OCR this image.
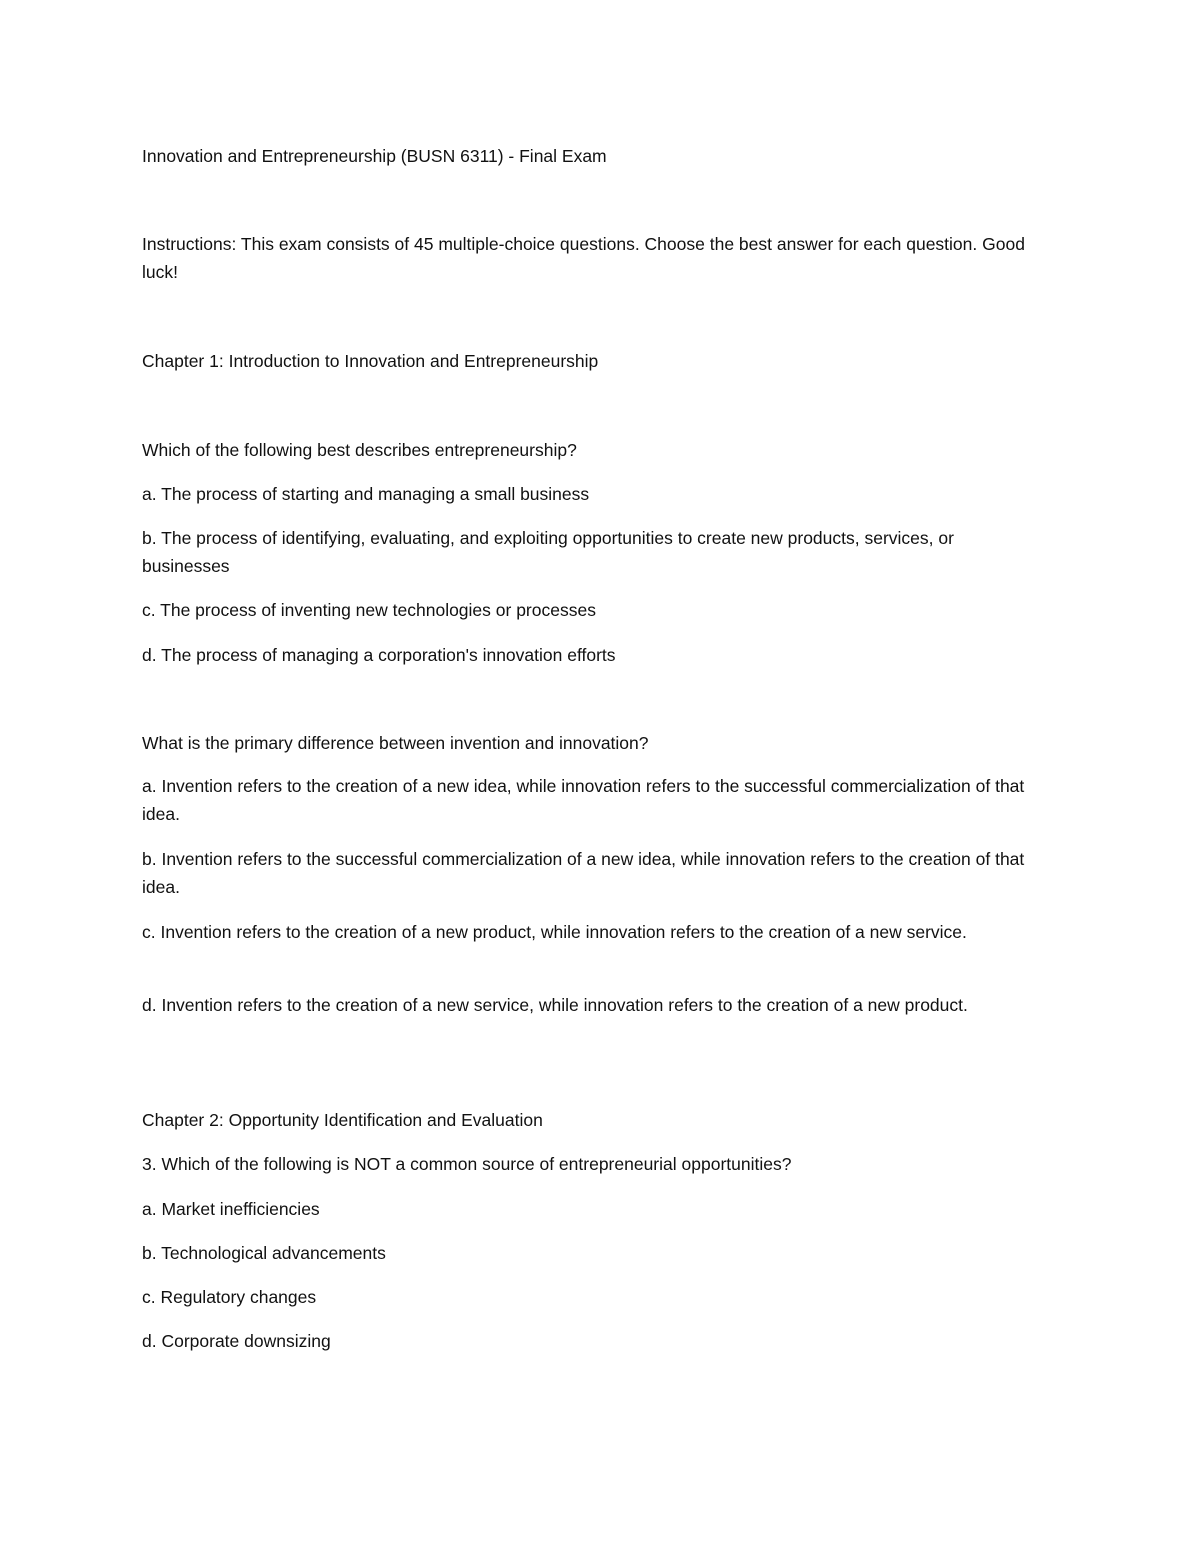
Innovation and Entrepreneurship (BUSN 6311) - Final Exam

Instructions: This exam consists of 45 multiple-choice questions. Choose the best answer for each question. Good luck!

Chapter 1: Introduction to Innovation and Entrepreneurship

Which of the following best describes entrepreneurship?

a. The process of starting and managing a small business

b. The process of identifying, evaluating, and exploiting opportunities to create new products, services, or businesses

c. The process of inventing new technologies or processes

d. The process of managing a corporation's innovation efforts

What is the primary difference between invention and innovation?

a. Invention refers to the creation of a new idea, while innovation refers to the successful commercialization of that idea.

b. Invention refers to the successful commercialization of a new idea, while innovation refers to the creation of that idea.

c. Invention refers to the creation of a new product, while innovation refers to the creation of a new service.

d. Invention refers to the creation of a new service, while innovation refers to the creation of a new product.

Chapter 2: Opportunity Identification and Evaluation

3. Which of the following is NOT a common source of entrepreneurial opportunities?

a. Market inefficiencies

b. Technological advancements

c. Regulatory changes

d. Corporate downsizing
